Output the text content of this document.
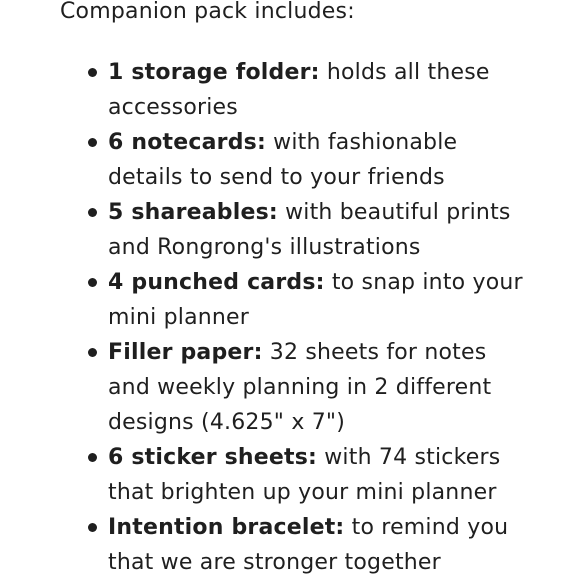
Companion pack includes:

1 storage folder: holds all these accessories
6 notecards: with fashionable details to send to your friends
5 shareables: with beautiful prints and Rongrong's illustrations
4 punched cards: to snap into your mini planner
Filler paper: 32 sheets for notes and weekly planning in 2 different designs (4.625" x 7")
6 sticker sheets: with 74 stickers that brighten up your mini planner
Intention bracelet: to remind you that we are stronger together
